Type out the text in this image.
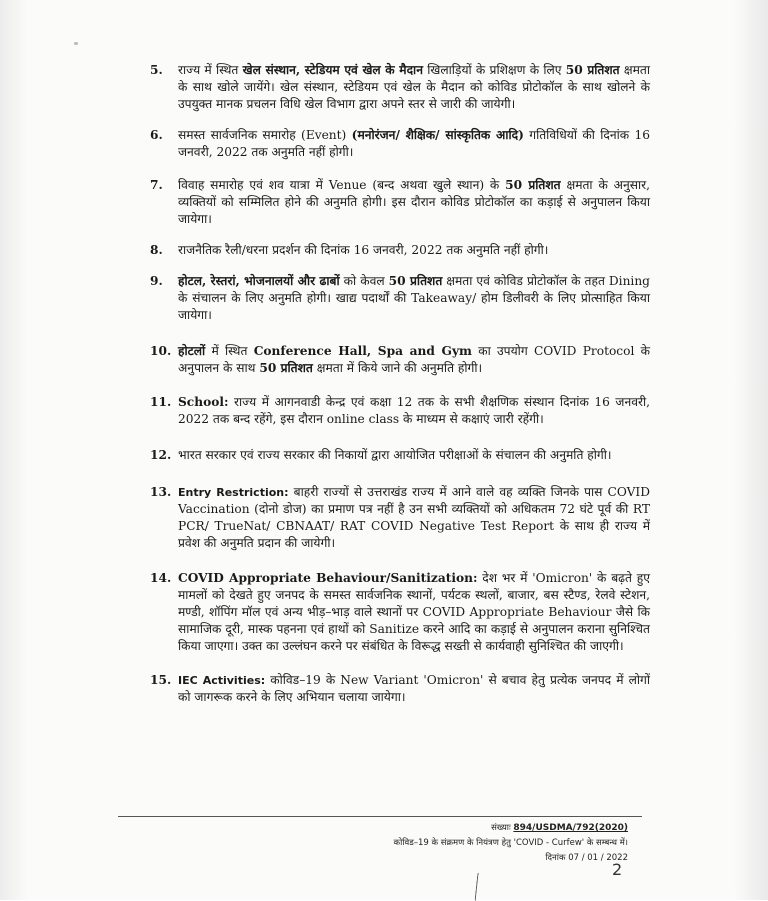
5.	राज्य में स्थित खेल संस्थान, स्टेडियम एवं खेल के मैदान खिलाड़ियों के प्रशिक्षण के लिए 50 प्रतिशत क्षमता के साथ खोले जायेंगे। खेल संस्थान, स्टेडियम एवं खेल के मैदान को कोविड प्रोटोकॉल के साथ खोलने के उपयुक्त मानक प्रचलन विधि खेल विभाग द्वारा अपने स्तर से जारी की जायेगी।
6.	समस्त सार्वजनिक समारोह (Event) (मनोरंजन/ शैक्षिक/ सांस्कृतिक आदि) गतिविधियों की दिनांक 16 जनवरी, 2022 तक अनुमति नहीं होगी।
7.	विवाह समारोह एवं शव यात्रा में Venue (बन्द अथवा खुले स्थान) के 50 प्रतिशत क्षमता के अनुसार, व्यक्तियों को सम्मिलित होने की अनुमति होगी। इस दौरान कोविड प्रोटोकॉल का कड़ाई से अनुपालन किया जायेगा।
8.	राजनैतिक रैली/धरना प्रदर्शन की दिनांक 16 जनवरी, 2022 तक अनुमति नहीं होगी।
9.	होटल, रेस्तरां, भोजनालयों और ढाबों को केवल 50 प्रतिशत क्षमता एवं कोविड प्रोटोकॉल के तहत Dining के संचालन के लिए अनुमति होगी। खाद्य पदार्थों की Takeaway/ होम डिलीवरी के लिए प्रोत्साहित किया जायेगा।
10. होटलों में स्थित Conference Hall, Spa and Gym का उपयोग COVID Protocol के अनुपालन के साथ 50 प्रतिशत क्षमता में किये जाने की अनुमति होगी।
11. School: राज्य में आगनवाडी केन्द्र एवं कक्षा 12 तक के सभी शैक्षणिक संस्थान दिनांक 16 जनवरी, 2022 तक बन्द रहेंगे, इस दौरान online class के माध्यम से कक्षाएं जारी रहेंगी।
12. भारत सरकार एवं राज्य सरकार की निकायों द्वारा आयोजित परीक्षाओं के संचालन की अनुमति होगी।
13. Entry Restriction: बाहरी राज्यों से उत्तराखंड राज्य में आने वाले वह व्यक्ति जिनके पास COVID Vaccination (दोनो डोज) का प्रमाण पत्र नहीं है उन सभी व्यक्तियों को अधिकतम 72 घंटे पूर्व की RT PCR/ TrueNat/ CBNAAT/ RAT COVID Negative Test Report के साथ ही राज्य में प्रवेश की अनुमति प्रदान की जायेगी।
14. COVID Appropriate Behaviour/Sanitization: देश भर में 'Omicron' के बढ़ते हुए मामलों को देखते हुए जनपद के समस्त सार्वजनिक स्थानों, पर्यटक स्थलों, बाजार, बस स्टैण्ड, रेलवे स्टेशन, मण्डी, शॉपिंग मॉल एवं अन्य भीड़–भाड़ वाले स्थानों पर COVID Appropriate Behaviour जैसे कि सामाजिक दूरी, मास्क पहनना एवं हाथों को Sanitize करने आदि का कड़ाई से अनुपालन कराना सुनिश्चित किया जाएगा। उक्त का उल्लंघन करने पर संबंधित के विरूद्ध सख्ती से कार्यवाही सुनिश्चित की जाएगी।
15. IEC Activities: कोविड–19 के New Variant 'Omicron' से बचाव हेतु प्रत्येक जनपद में लोगों को जागरूक करने के लिए अभियान चलाया जायेगा।
संख्याः 894/USDMA/792(2020)
कोविड–19 के संक्रमण के नियंत्रण हेतु 'COVID - Curfew' के सम्बन्ध में।
दिनांक 07 / 01 / 2022
2
